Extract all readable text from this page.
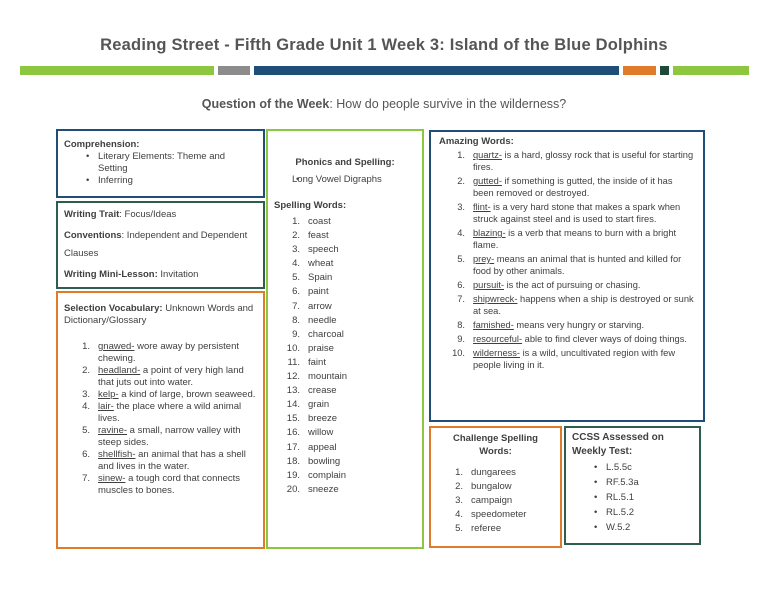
Reading Street - Fifth Grade Unit 1 Week 3: Island of the Blue Dolphins
Question of the Week: How do people survive in the wilderness?
Comprehension:
• Literary Elements: Theme and Setting
• Inferring

Writing Trait: Focus/Ideas

Conventions: Independent and Dependent Clauses

Writing Mini-Lesson: Invitation

Selection Vocabulary: Unknown Words and Dictionary/Glossary
1. gnawed- wore away by persistent chewing.
2. headland- a point of very high land that juts out into water.
3. kelp- a kind of large, brown seaweed.
4. lair- the place where a wild animal lives.
5. ravine- a small, narrow valley with steep sides.
6. shellfish- an animal that has a shell and lives in the water.
7. sinew- a tough cord that connects muscles to bones.
Phonics and Spelling:
• Long Vowel Digraphs
Spelling Words:
1. coast
2. feast
3. speech
4. wheat
5. Spain
6. paint
7. arrow
8. needle
9. charcoal
10. praise
11. faint
12. mountain
13. crease
14. grain
15. breeze
16. willow
17. appeal
18. bowling
19. complain
20. sneeze
Amazing Words:
1. quartz- is a hard, glossy rock that is useful for starting fires.
2. gutted- if something is gutted, the inside of it has been removed or destroyed.
3. flint- is a very hard stone that makes a spark when struck against steel and is used to start fires.
4. blazing- is a verb that means to burn with a bright flame.
5. prey- means an animal that is hunted and killed for food by other animals.
6. pursuit- is the act of pursuing or chasing.
7. shipwreck- happens when a ship is destroyed or sunk at sea.
8. famished- means very hungry or starving.
9. resourceful- able to find clever ways of doing things.
10. wilderness- is a wild, uncultivated region with few people living in it.
Challenge Spelling Words:
1. dungarees
2. bungalow
3. campaign
4. speedometer
5. referee
CCSS Assessed on Weekly Test:
• L.5.5c
• RF.5.3a
• RL.5.1
• RL.5.2
• W.5.2
